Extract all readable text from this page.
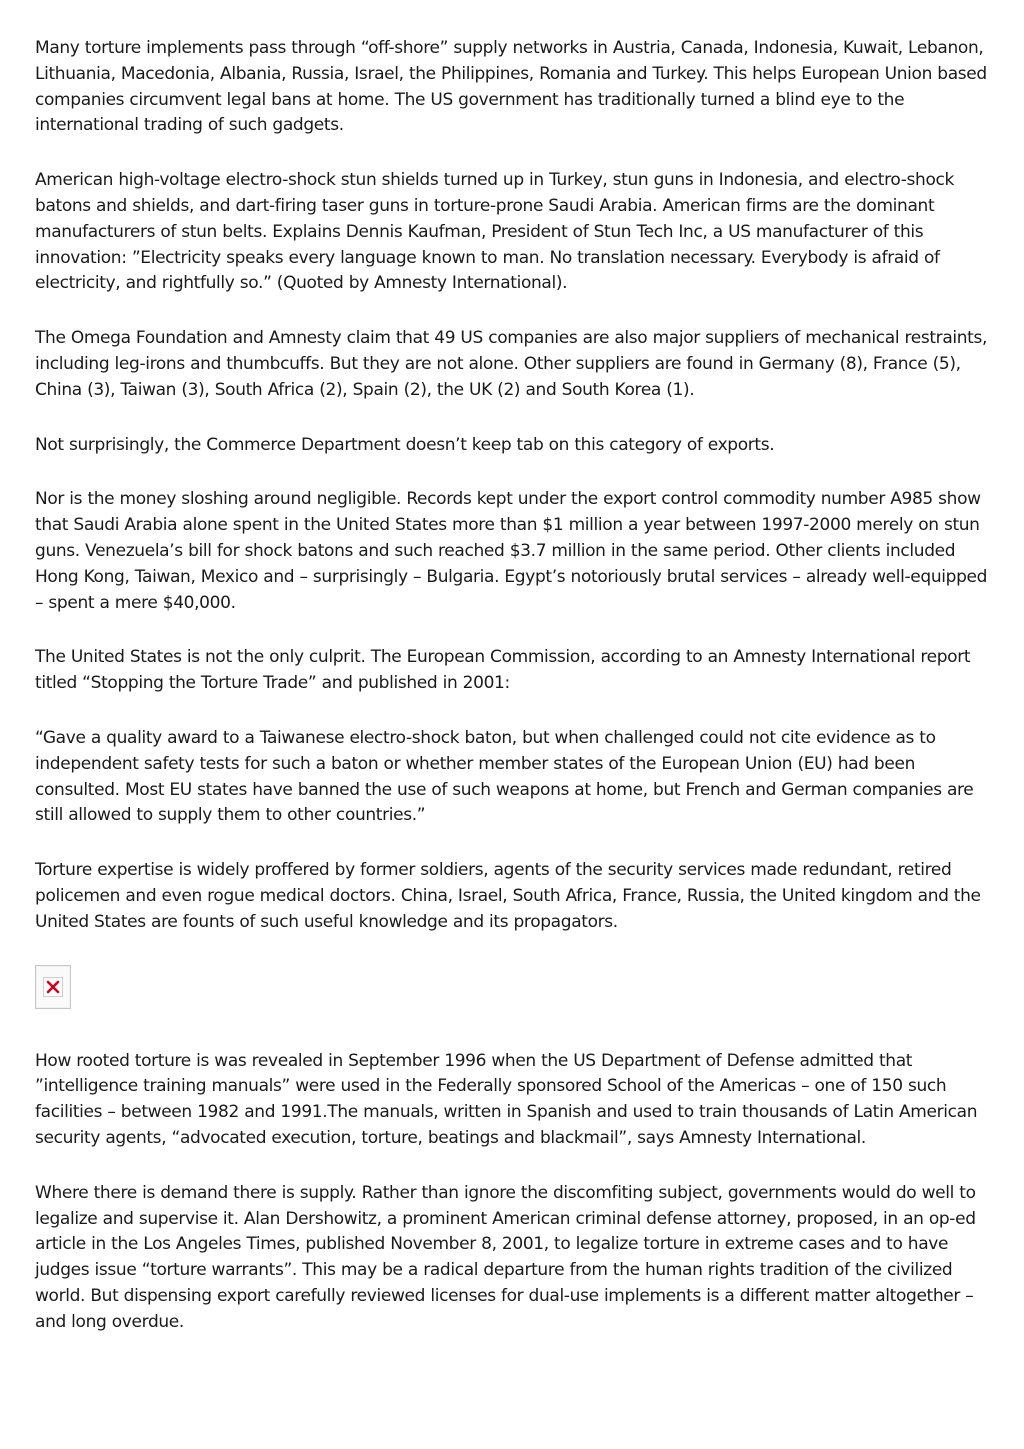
Many torture implements pass through “off-shore” supply networks in Austria, Canada, Indonesia, Kuwait, Lebanon, Lithuania, Macedonia, Albania, Russia, Israel, the Philippines, Romania and Turkey. This helps European Union based companies circumvent legal bans at home. The US government has traditionally turned a blind eye to the international trading of such gadgets.

American high-voltage electro-shock stun shields turned up in Turkey, stun guns in Indonesia, and electro-shock batons and shields, and dart-firing taser guns in torture-prone Saudi Arabia. American firms are the dominant manufacturers of stun belts. Explains Dennis Kaufman, President of Stun Tech Inc, a US manufacturer of this innovation: ”Electricity speaks every language known to man. No translation necessary. Everybody is afraid of electricity, and rightfully so.” (Quoted by Amnesty International).

The Omega Foundation and Amnesty claim that 49 US companies are also major suppliers of mechanical restraints, including leg-irons and thumbcuffs. But they are not alone. Other suppliers are found in Germany (8), France (5), China (3), Taiwan (3), South Africa (2), Spain (2), the UK (2) and South Korea (1).

Not surprisingly, the Commerce Department doesn’t keep tab on this category of exports.

Nor is the money sloshing around negligible. Records kept under the export control commodity number A985 show that Saudi Arabia alone spent in the United States more than $1 million a year between 1997-2000 merely on stun guns. Venezuela’s bill for shock batons and such reached $3.7 million in the same period. Other clients included Hong Kong, Taiwan, Mexico and – surprisingly – Bulgaria. Egypt’s notoriously brutal services – already well-equipped – spent a mere $40,000.

The United States is not the only culprit. The European Commission, according to an Amnesty International report titled “Stopping the Torture Trade” and published in 2001:

“Gave a quality award to a Taiwanese electro-shock baton, but when challenged could not cite evidence as to independent safety tests for such a baton or whether member states of the European Union (EU) had been consulted. Most EU states have banned the use of such weapons at home, but French and German companies are still allowed to supply them to other countries.”

Torture expertise is widely proffered by former soldiers, agents of the security services made redundant, retired policemen and even rogue medical doctors. China, Israel, South Africa, France, Russia, the United kingdom and the United States are founts of such useful knowledge and its propagators.

How rooted torture is was revealed in September 1996 when the US Department of Defense admitted that ”intelligence training manuals” were used in the Federally sponsored School of the Americas – one of 150 such facilities – between 1982 and 1991.The manuals, written in Spanish and used to train thousands of Latin American security agents, “advocated execution, torture, beatings and blackmail”, says Amnesty International.

Where there is demand there is supply. Rather than ignore the discomfiting subject, governments would do well to legalize and supervise it. Alan Dershowitz, a prominent American criminal defense attorney, proposed, in an op-ed article in the Los Angeles Times, published November 8, 2001, to legalize torture in extreme cases and to have judges issue “torture warrants”. This may be a radical departure from the human rights tradition of the civilized world. But dispensing export carefully reviewed licenses for dual-use implements is a different matter altogether – and long overdue.
